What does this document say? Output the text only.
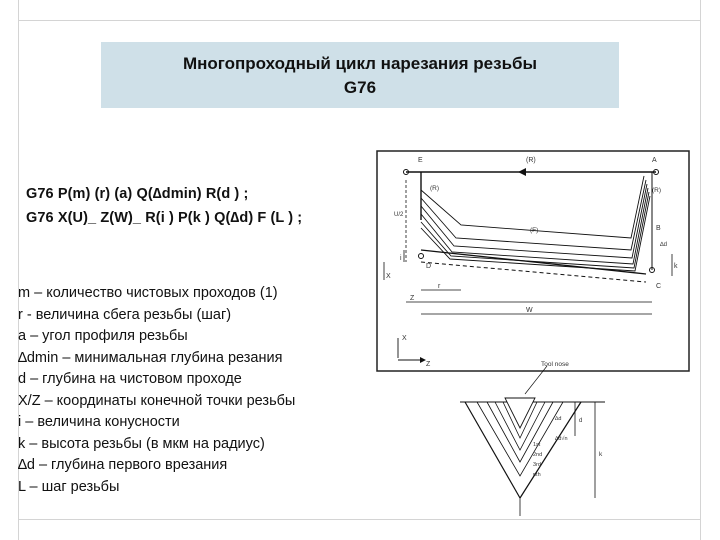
Многопроходный цикл нарезания резьбы
G76
G76 P(m) (r) (a) Q(∆dmin) R(d ) ;
G76 X(U)_ Z(W)_ R(i ) P(k ) Q(∆d) F (L ) ;
m – количество чистовых проходов (1)
r - величина сбега резьбы (шаг)
a – угол профиля резьбы
∆dmin – минимальная глубина резания
d – глубина на чистовом проходе
X/Z – координаты конечной точки резьбы
i – величина конусности
k – высота резьбы (в мкм на радиус)
∆d – глубина первого врезания
L – шаг резьбы
E	A
(R)
(R)	(R)
(F)	B
D
C
U/2
i
X
r
Z
W
k
∆d
X
Z	Tool nose
1st
2nd
3rd
nth
∆d
∆d√n
d
k
